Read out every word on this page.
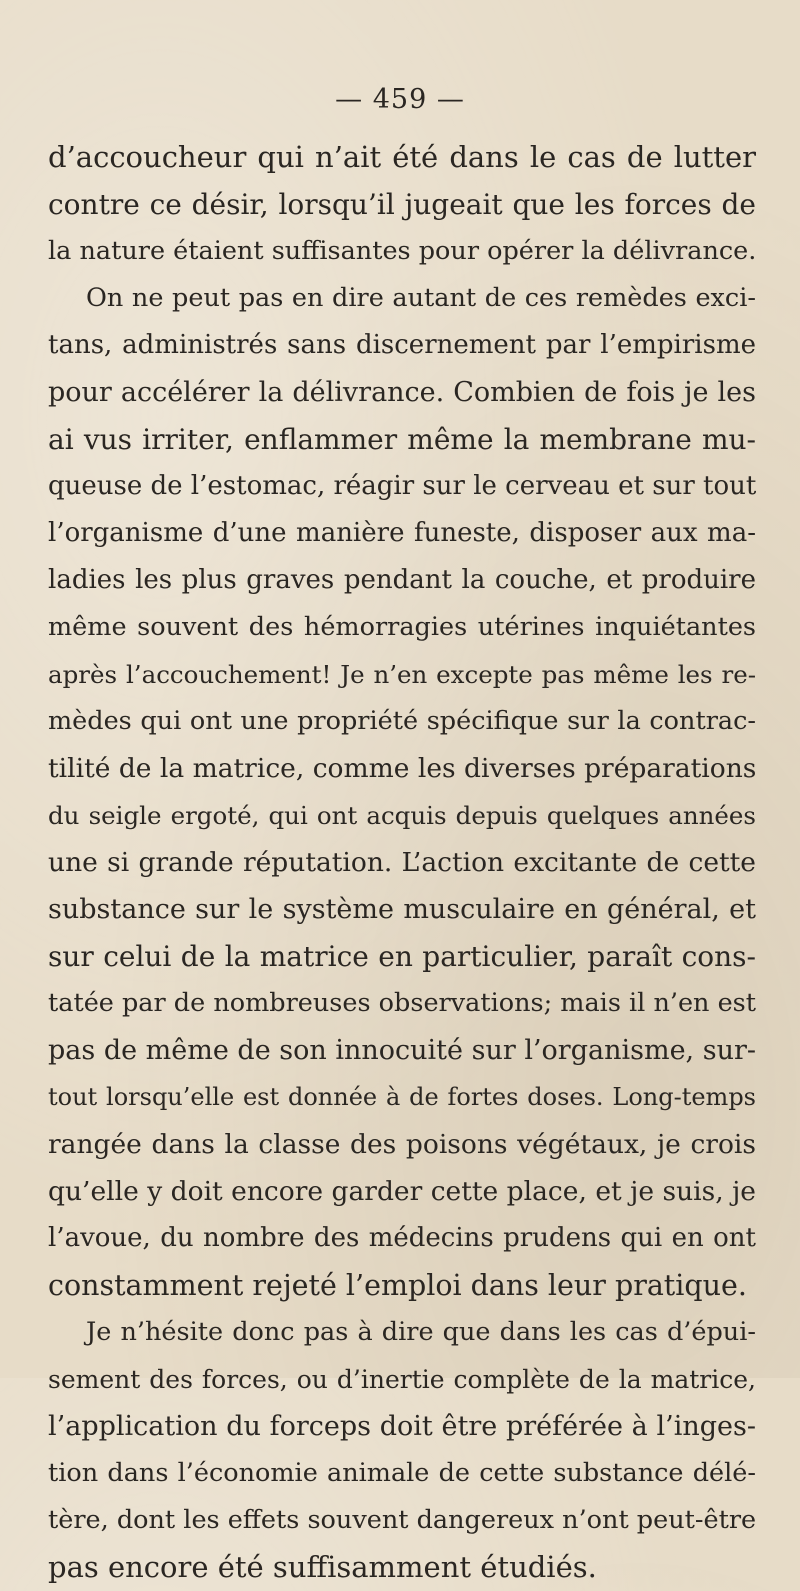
— 459 —
d’accoucheur qui n’ait été dans le cas de lutter
contre ce désir, lorsqu’il jugeait que les forces de
la nature étaient suffisantes pour opérer la délivrance.
On ne peut pas en dire autant de ces remèdes exci-
tans, administrés sans discernement par l’empirisme
pour accélérer la délivrance. Combien de fois je les
ai vus irriter, enflammer même la membrane mu-
queuse de l’estomac, réagir sur le cerveau et sur tout
l’organisme d’une manière funeste, disposer aux ma-
ladies les plus graves pendant la couche, et produire
même souvent des hémorragies utérines inquiétantes
après l’accouchement! Je n’en excepte pas même les re-
mèdes qui ont une propriété spécifique sur la contrac-
tilité de la matrice, comme les diverses préparations
du seigle ergoté, qui ont acquis depuis quelques années
une si grande réputation. L’action excitante de cette
substance sur le système musculaire en général, et
sur celui de la matrice en particulier, paraît cons-
tatée par de nombreuses observations; mais il n’en est
pas de même de son innocuité sur l’organisme, sur-
tout lorsqu’elle est donnée à de fortes doses. Long-temps
rangée dans la classe des poisons végétaux, je crois
qu’elle y doit encore garder cette place, et je suis, je
l’avoue, du nombre des médecins prudens qui en ont
constamment rejeté l’emploi dans leur pratique.
Je n’hésite donc pas à dire que dans les cas d’épui-
sement des forces, ou d’inertie complète de la matrice,
l’application du forceps doit être préférée à l’inges-
tion dans l’économie animale de cette substance délé-
tère, dont les effets souvent dangereux n’ont peut-être
pas encore été suffisamment étudiés.
